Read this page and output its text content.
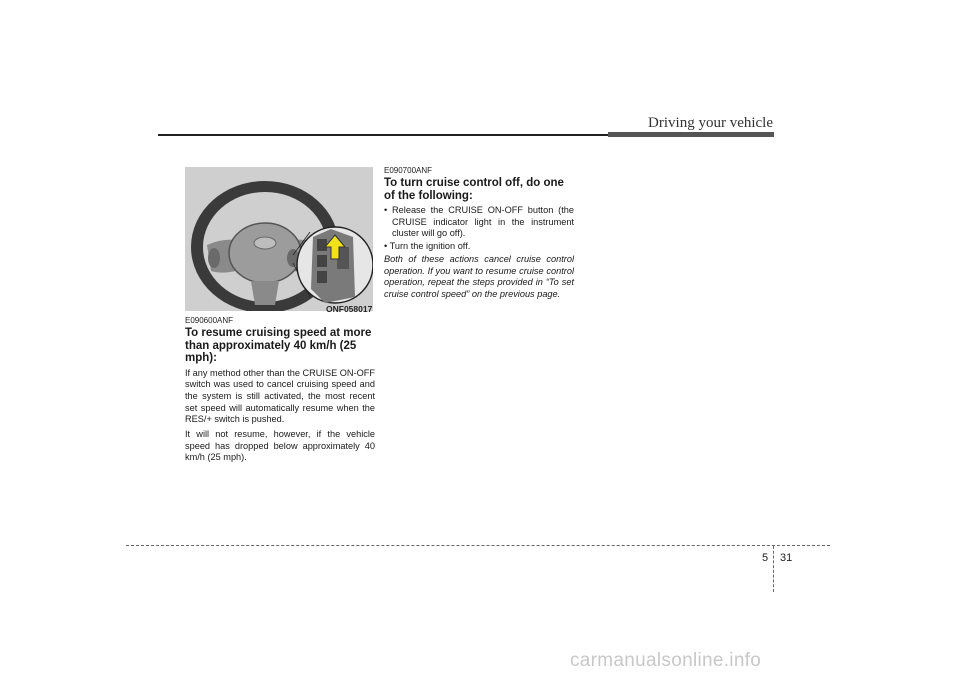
Driving your vehicle
ONF058017
E090600ANF
To resume cruising speed at more than approximately 40 km/h (25 mph):

If any method other than the CRUISE ON-OFF switch was used to cancel cruising speed and the system is still activated, the most recent set speed will automatically resume when the RES/+ switch is pushed.

It will not resume, however, if the vehicle speed has dropped below approximately 40 km/h (25 mph).

E090700ANF
To turn cruise control off, do one of the following:

• Release the CRUISE ON-OFF button (the CRUISE indicator light in the instrument cluster will go off).

• Turn the ignition off.

Both of these actions cancel cruise control operation. If you want to resume cruise control operation, repeat the steps provided in “To set cruise control speed” on the previous page.

5 31
carmanualsonline.info
